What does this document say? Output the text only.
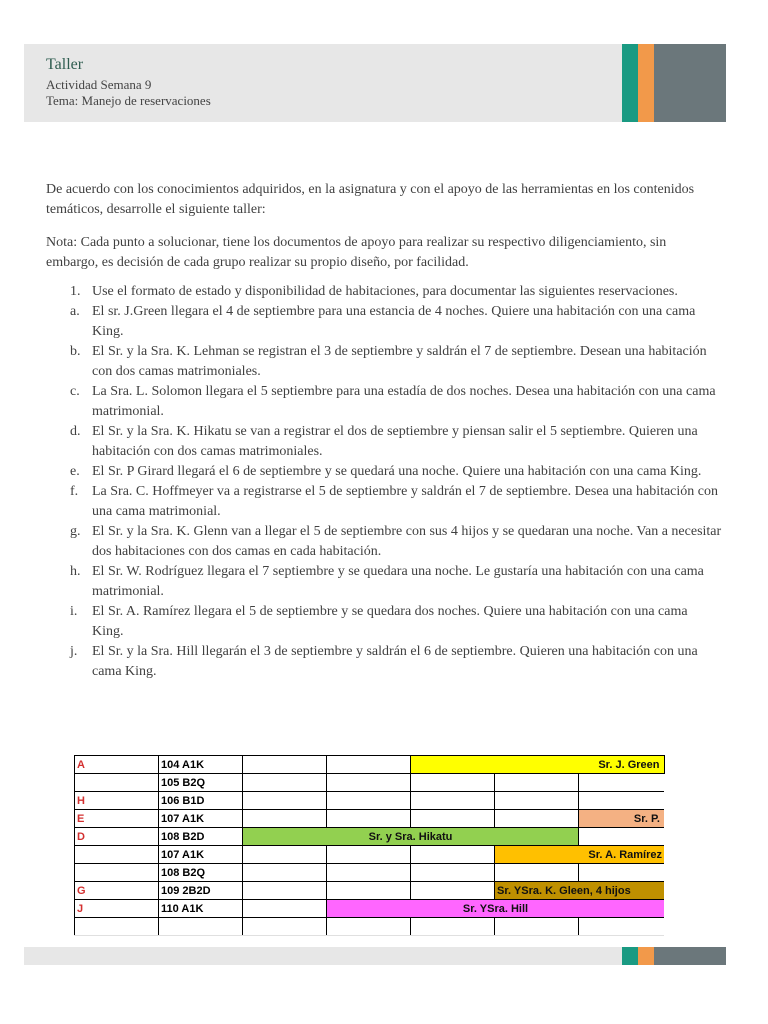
Taller
Actividad Semana 9
Tema: Manejo de reservaciones

De acuerdo con los conocimientos adquiridos, en la asignatura y con el apoyo de las herramientas en los contenidos temáticos, desarrolle el siguiente taller:

Nota: Cada punto a solucionar, tiene los documentos de apoyo para realizar su respectivo diligenciamiento, sin embargo, es decisión de cada grupo realizar su propio diseño, por facilidad.

1. Use el formato de estado y disponibilidad de habitaciones, para documentar las siguientes reservaciones.
a. El sr. J.Green llegara el 4 de septiembre para una estancia de 4 noches. Quiere una habitación con una cama King.
b. El Sr. y la Sra. K. Lehman se registran el 3 de septiembre y saldrán el 7 de septiembre. Desean una habitación con dos camas matrimoniales.
c. La Sra. L. Solomon llegara el 5 septiembre para una estadía de dos noches. Desea una habitación con una cama matrimonial.
d. El Sr. y la Sra. K. Hikatu se van a registrar el dos de septiembre y piensan salir el 5 septiembre. Quieren una habitación con dos camas matrimoniales.
e. El Sr. P Girard llegará el 6 de septiembre y se quedará una noche. Quiere una habitación con una cama King.
f. La Sra. C. Hoffmeyer va a registrarse el 5 de septiembre y saldrán el 7 de septiembre. Desea una habitación con una cama matrimonial.
g. El Sr. y la Sra. K. Glenn van a llegar el 5 de septiembre con sus 4 hijos y se quedaran una noche. Van a necesitar dos habitaciones con dos camas en cada habitación.
h. El Sr. W. Rodríguez llegara el 7 septiembre y se quedara una noche. Le gustaría una habitación con una cama matrimonial.
i.	El Sr. A. Ramírez llegara el 5 de septiembre y se quedara dos noches. Quiere una habitación con una cama King.
j.	El Sr. y la Sra. Hill llegarán el 3 de septiembre y saldrán el 6 de septiembre. Quieren una habitación con una cama King.
A	104 A1K			Sr. J. Green		
	105 B2Q					
H	106 B1D					
E	107 A1K					Sr. P.
D	108 B2D	Sr. y Sra. Hikatu				
	107 A1K				Sr. A. Ramírez	
	108 B2Q					
G	109 2B2D				Sr. YSra. K. Gleen, 4 hijos	
J	110 A1K		Sr. YSra. Hill			
